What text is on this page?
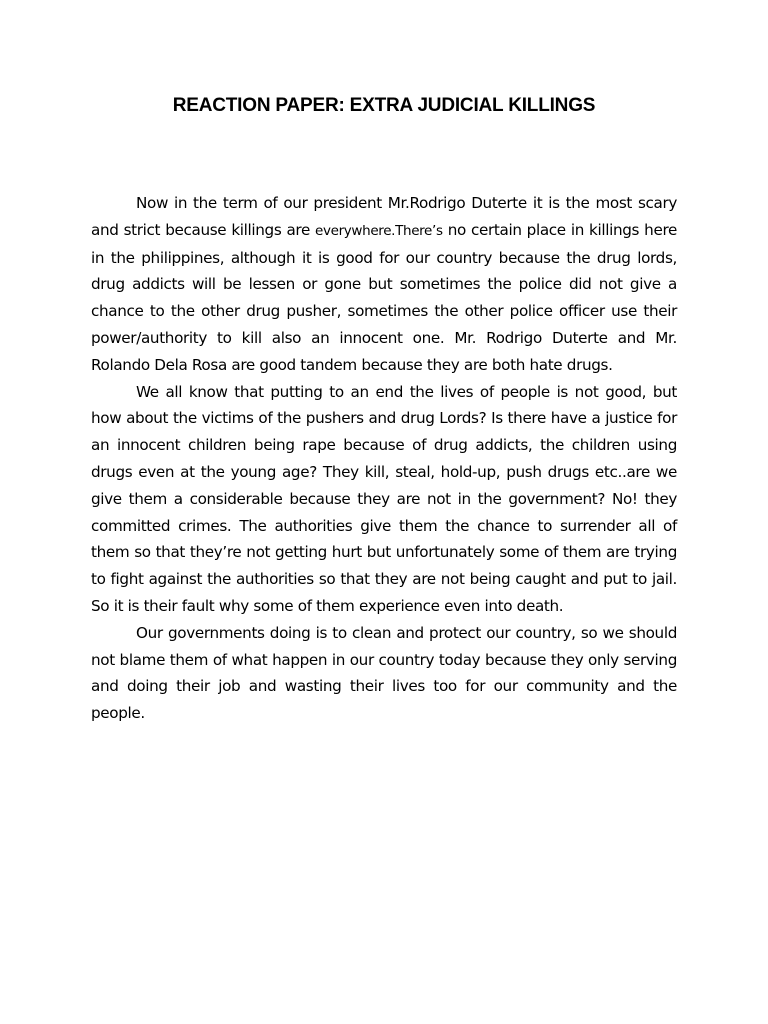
REACTION PAPER: EXTRA JUDICIAL KILLINGS

Now in the term of our president Mr.Rodrigo Duterte it is the most scary and strict because killings are everywhere.There’s no certain place in killings here in the philippines, although it is good for our country because the drug lords, drug addicts will be lessen or gone but sometimes the police did not give a chance to the other drug pusher, sometimes the other police officer use their power/authority to kill also an innocent one. Mr. Rodrigo Duterte and Mr. Rolando Dela Rosa are good tandem because they are both hate drugs.

We all know that putting to an end the lives of people is not good, but how about the victims of the pushers and drug Lords? Is there have a justice for an innocent children being rape because of drug addicts, the children using drugs even at the young age? They kill, steal, hold-up, push drugs etc..are we give them a considerable because they are not in the government? No! they committed crimes. The authorities give them the chance to surrender all of them so that they’re not getting hurt but unfortunately some of them are trying to fight against the authorities so that they are not being caught and put to jail. So it is their fault why some of them experience even into death.

Our governments doing is to clean and protect our country, so we should not blame them of what happen in our country today because they only serving and doing their job and wasting their lives too for our community and the people.
